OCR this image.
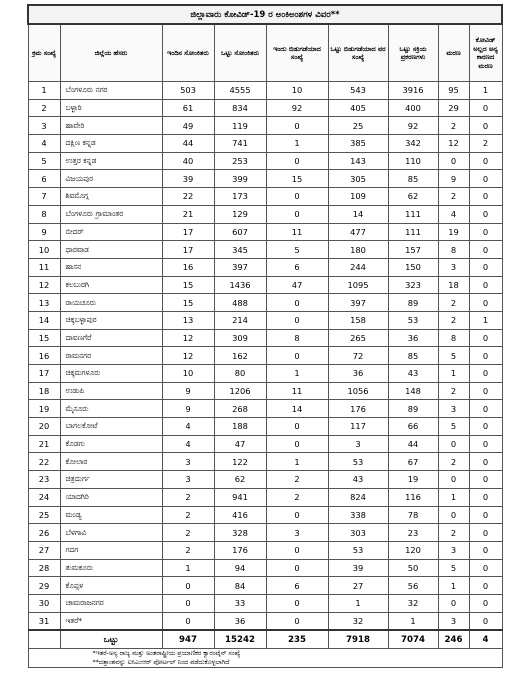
ಜಿಲ್ಲಾವಾರು ಕೋವಿಡ್-19 ರ ಅಂಕಿಅಂಶಗಳ ವಿವರ**								
ಕ್ರಮ ಸಂಖ್ಯೆ	ಜಿಲ್ಲೆಯ ಹೆಸರು	ಇಂದಿನ ಸೋಂಕಿತರು	ಒಟ್ಟು ಸೋಂಕಿತರು	ಇಂದು ಬಿಡುಗಡೆಯಾದ ಸಂಖ್ಯೆ	ಒಟ್ಟು ಬಿಡುಗಡೆಯಾದ ವರ ಸಂಖ್ಯೆ	ಒಟ್ಟು ಸಕ್ರಿಯ ಪ್ರಕರಣಗಳು	ಮರಣ	ಕೋವಿಡ್ ಅಲ್ಲದ ಅನ್ಯ ಕಾರಣದ ಮರಣ
1	ಬೆಂಗಳೂರು ನಗರ	503	4555	10	543	3916	95	1
2	ಬಳ್ಳಾರಿ	61	834	92	405	400	29	0
3	ಹಾವೇರಿ	49	119	0	25	92	2	0
4	ದಕ್ಷಿಣ ಕನ್ನಡ	44	741	1	385	342	12	2
5	ಉತ್ತರ ಕನ್ನಡ	40	253	0	143	110	0	0
6	ವಿಜಯಪುರ	39	399	15	305	85	9	0
7	ಶಿವಮೊಗ್ಗ	22	173	0	109	62	2	0
8	ಬೆಂಗಳೂರು ಗ್ರಾಮಾಂತರ	21	129	0	14	111	4	0
9	ಬೀದರ್	17	607	11	477	111	19	0
10	ಧಾರವಾಡ	17	345	5	180	157	8	0
11	ಹಾಸನ	16	397	6	244	150	3	0
12	ಕಲಬುರಗಿ	15	1436	47	1095	323	18	0
13	ರಾಯಚೂರು	15	488	0	397	89	2	0
14	ಚಿಕ್ಕಬಳ್ಳಾಪುರ	13	214	0	158	53	2	1
15	ದಾವಣಗೆರೆ	12	309	8	265	36	8	0
16	ರಾಮನಗರ	12	162	0	72	85	5	0
17	ಚಿಕ್ಕಮಗಳೂರು	10	80	1	36	43	1	0
18	ಉಡುಪಿ	9	1206	11	1056	148	2	0
19	ಮೈಸೂರು	9	268	14	176	89	3	0
20	ಬಾಗಲಕೋಟೆ	4	188	0	117	66	5	0
21	ಕೊಡಗು	4	47	0	3	44	0	0
22	ಕೋಲಾರ	3	122	1	53	67	2	0
23	ಚಿತ್ರದುರ್ಗ	3	62	2	43	19	0	0
24	ಯಾದಗಿರಿ	2	941	2	824	116	1	0
25	ಮಂಡ್ಯ	2	416	0	338	78	0	0
26	ಬೆಳಗಾವಿ	2	328	3	303	23	2	0
27	ಗದಗ	2	176	0	53	120	3	0
28	ತುಮಕೂರು	1	94	0	39	50	5	0
29	ಕೊಪ್ಪಳ	0	84	6	27	56	1	0
30	ಚಾಮರಾಜನಗರ	0	33	0	1	32	0	0
31	ಇತರೆ*	0	36	0	32	1	3	0
	ಒಟ್ಟು	947	15242	235	7918	7074	246	4
*ಇತರೆ-ಅನ್ಯ ರಾಜ್ಯ ಮತ್ತು ಅಂತರಾಷ್ಟ್ರೀಯ ಪ್ರಯಾಣಿಕರ ಕ್ವಾರಂಟೈನ್ ಸಂಖ್ಯೆ								
**ದತ್ತಾಂಶವನ್ನು ಐಸಿಎಂಆರ್ ಪೋರ್ಟಲ್ ನಿಂದ ಪಡೆದುಕೊಳ್ಳಲಾಗಿದೆ								
